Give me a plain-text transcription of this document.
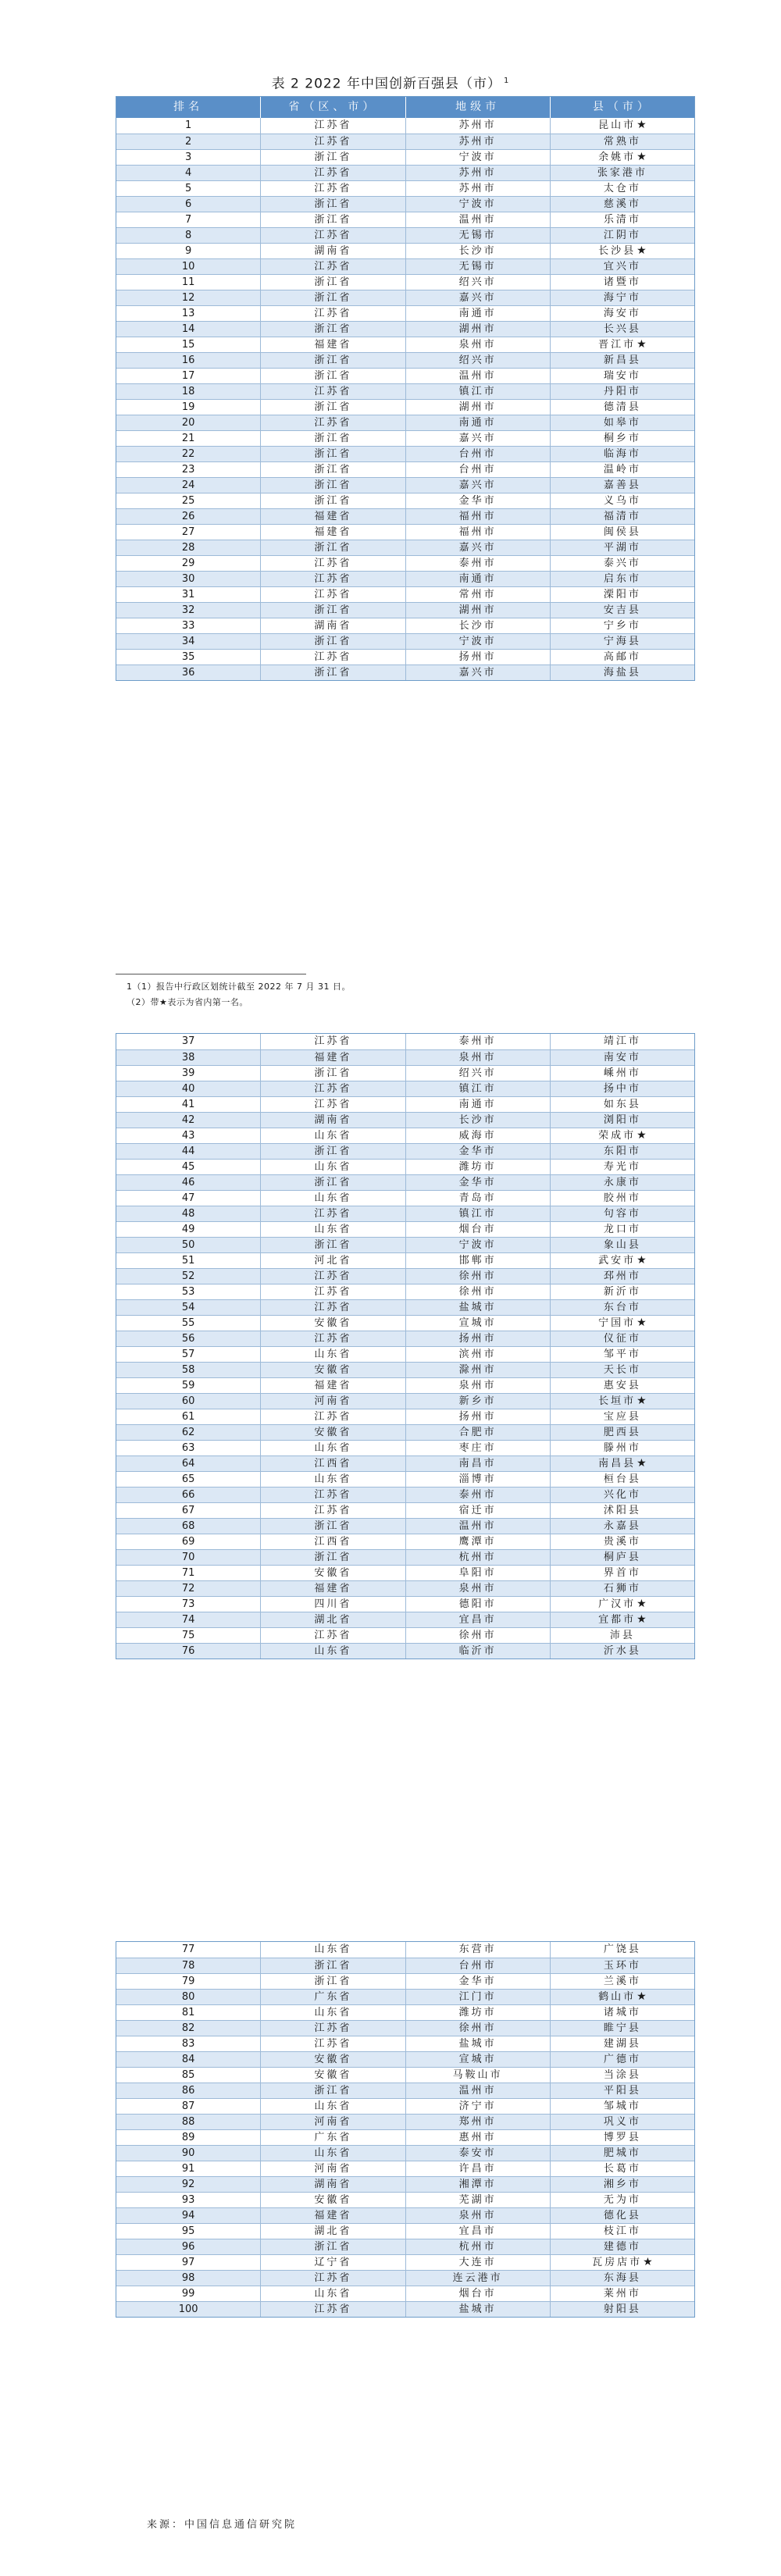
表 2 2022 年中国创新百强县（市） $^1$
排名	省（区、市）	地级市	县（市）
1	江苏省	苏州市	昆山市★
2	江苏省	苏州市	常熟市
3	浙江省	宁波市	余姚市★
4	江苏省	苏州市	张家港市
5	江苏省	苏州市	太仓市
6	浙江省	宁波市	慈溪市
7	浙江省	温州市	乐清市
8	江苏省	无锡市	江阴市
9	湖南省	长沙市	长沙县★
10	江苏省	无锡市	宜兴市
11	浙江省	绍兴市	诸暨市
12	浙江省	嘉兴市	海宁市
13	江苏省	南通市	海安市
14	浙江省	湖州市	长兴县
15	福建省	泉州市	晋江市★
16	浙江省	绍兴市	新昌县
17	浙江省	温州市	瑞安市
18	江苏省	镇江市	丹阳市
19	浙江省	湖州市	德清县
20	江苏省	南通市	如皋市
21	浙江省	嘉兴市	桐乡市
22	浙江省	台州市	临海市
23	浙江省	台州市	温岭市
24	浙江省	嘉兴市	嘉善县
25	浙江省	金华市	义乌市
26	福建省	福州市	福清市
27	福建省	福州市	闽侯县
28	浙江省	嘉兴市	平湖市
29	江苏省	泰州市	泰兴市
30	江苏省	南通市	启东市
31	江苏省	常州市	溧阳市
32	浙江省	湖州市	安吉县
33	湖南省	长沙市	宁乡市
34	浙江省	宁波市	宁海县
35	江苏省	扬州市	高邮市
36	浙江省	嘉兴市	海盐县
1（1）报告中行政区划统计截至 2022 年 7 月 31 日。
（2）带★表示为省内第一名。
37	江苏省	泰州市	靖江市
38	福建省	泉州市	南安市
39	浙江省	绍兴市	嵊州市
40	江苏省	镇江市	扬中市
41	江苏省	南通市	如东县
42	湖南省	长沙市	浏阳市
43	山东省	威海市	荣成市★
44	浙江省	金华市	东阳市
45	山东省	潍坊市	寿光市
46	浙江省	金华市	永康市
47	山东省	青岛市	胶州市
48	江苏省	镇江市	句容市
49	山东省	烟台市	龙口市
50	浙江省	宁波市	象山县
51	河北省	邯郸市	武安市★
52	江苏省	徐州市	邳州市
53	江苏省	徐州市	新沂市
54	江苏省	盐城市	东台市
55	安徽省	宣城市	宁国市★
56	江苏省	扬州市	仪征市
57	山东省	滨州市	邹平市
58	安徽省	滁州市	天长市
59	福建省	泉州市	惠安县
60	河南省	新乡市	长垣市★
61	江苏省	扬州市	宝应县
62	安徽省	合肥市	肥西县
63	山东省	枣庄市	滕州市
64	江西省	南昌市	南昌县★
65	山东省	淄博市	桓台县
66	江苏省	泰州市	兴化市
67	江苏省	宿迁市	沭阳县
68	浙江省	温州市	永嘉县
69	江西省	鹰潭市	贵溪市
70	浙江省	杭州市	桐庐县
71	安徽省	阜阳市	界首市
72	福建省	泉州市	石狮市
73	四川省	德阳市	广汉市★
74	湖北省	宜昌市	宜都市★
75	江苏省	徐州市	沛县
76	山东省	临沂市	沂水县
77	山东省	东营市	广饶县
78	浙江省	台州市	玉环市
79	浙江省	金华市	兰溪市
80	广东省	江门市	鹤山市★
81	山东省	潍坊市	诸城市
82	江苏省	徐州市	睢宁县
83	江苏省	盐城市	建湖县
84	安徽省	宣城市	广德市
85	安徽省	马鞍山市	当涂县
86	浙江省	温州市	平阳县
87	山东省	济宁市	邹城市
88	河南省	郑州市	巩义市
89	广东省	惠州市	博罗县
90	山东省	泰安市	肥城市
91	河南省	许昌市	长葛市
92	湖南省	湘潭市	湘乡市
93	安徽省	芜湖市	无为市
94	福建省	泉州市	德化县
95	湖北省	宜昌市	枝江市
96	浙江省	杭州市	建德市
97	辽宁省	大连市	瓦房店市★
98	江苏省	连云港市	东海县
99	山东省	烟台市	莱州市
100	江苏省	盐城市	射阳县
来源：中国信息通信研究院
